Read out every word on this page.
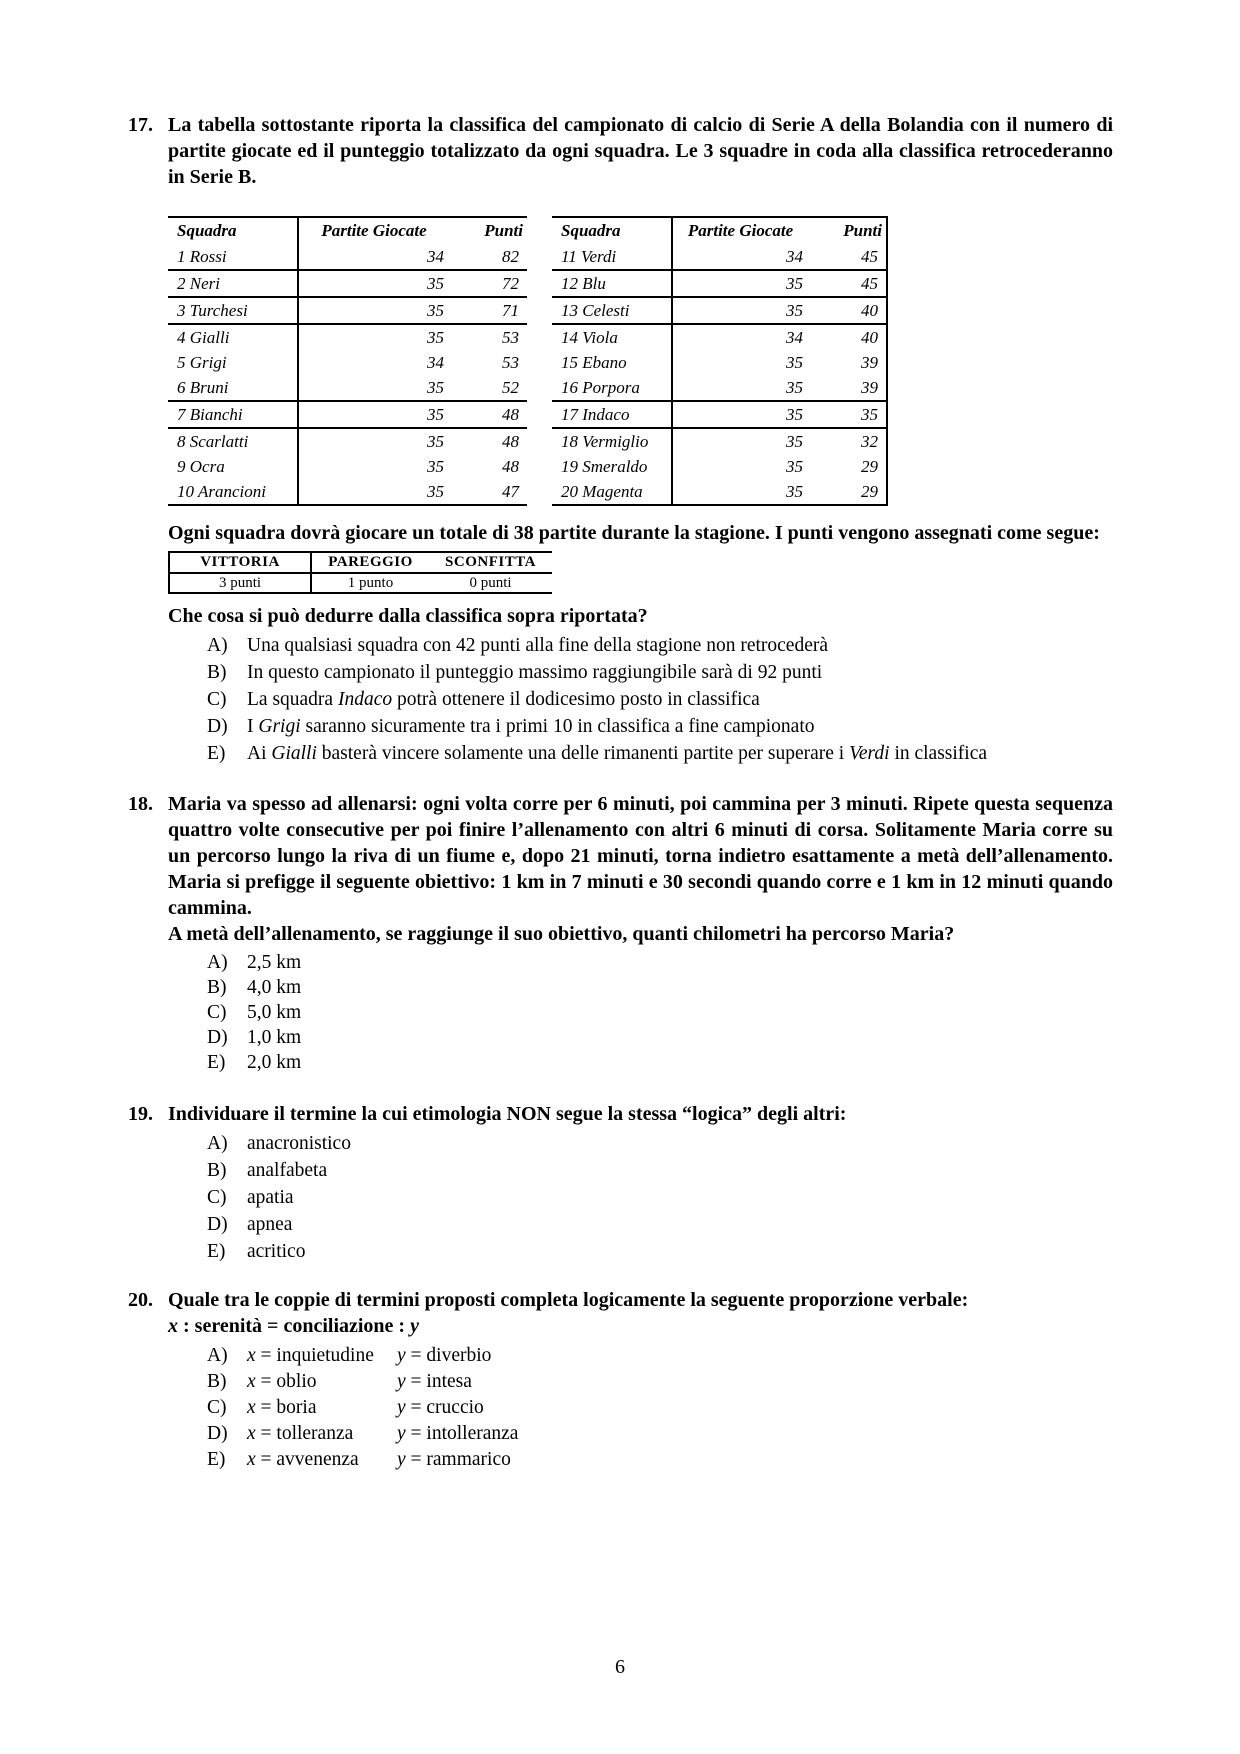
17. La tabella sottostante riporta la classifica del campionato di calcio di Serie A della Bolandia con il numero di partite giocate ed il punteggio totalizzato da ogni squadra. Le 3 squadre in coda alla classifica retrocederanno in Serie B.
Squadra	Partite Giocate	Punti
1 Rossi	34	82
2 Neri	35	72
3 Turchesi	35	71
4 Gialli	35	53
5 Grigi	34	53
6 Bruni	35	52
7 Bianchi	35	48
8 Scarlatti	35	48
9 Ocra	35	48
10 Arancioni	35	47
Squadra	Partite Giocate	Punti
11 Verdi	34	45
12 Blu	35	45
13 Celesti	35	40
14 Viola	34	40
15 Ebano	35	39
16 Porpora	35	39
17 Indaco	35	35
18 Vermiglio	35	32
19 Smeraldo	35	29
20 Magenta	35	29
Ogni squadra dovrà giocare un totale di 38 partite durante la stagione. I punti vengono assegnati come segue:
VITTORIA	PAREGGIO	SCONFITTA
3 punti	1 punto	0 punti
Che cosa si può dedurre dalla classifica sopra riportata?
A) Una qualsiasi squadra con 42 punti alla fine della stagione non retrocederà
B)	In questo campionato il punteggio massimo raggiungibile sarà di 92 punti
C)	La squadra Indaco potrà ottenere il dodicesimo posto in classifica
D) I Grigi saranno sicuramente tra i primi 10 in classifica a fine campionato
E)	Ai Gialli basterà vincere solamente una delle rimanenti partite per superare i Verdi in classifica
18. Maria va spesso ad allenarsi: ogni volta corre per 6 minuti, poi cammina per 3 minuti. Ripete questa sequenza quattro volte consecutive per poi finire l’allenamento con altri 6 minuti di corsa. Solitamente Maria corre su un percorso lungo la riva di un fiume e, dopo 21 minuti, torna indietro esattamente a metà dell’allenamento. Maria si prefigge il seguente obiettivo: 1 km in 7 minuti e 30 secondi quando corre e 1 km in 12 minuti quando cammina.
A metà dell’allenamento, se raggiunge il suo obiettivo, quanti chilometri ha percorso Maria?
A) 2,5 km
B)	4,0 km
C)	5,0 km
D) 1,0 km
E)	2,0 km
19. Individuare il termine la cui etimologia NON segue la stessa “logica” degli altri:
A) anacronistico
B)	analfabeta
C)	apatia
D) apnea
E)	acritico
20. Quale tra le coppie di termini proposti completa logicamente la seguente proporzione verbale:
x : serenità = conciliazione : y
A) x = inquietudine	y = diverbio
B)	x = oblio	y = intesa
C)	x = boria	y = cruccio
D) x = tolleranza	y = intolleranza
E)	x = avvenenza	y = rammarico
6
